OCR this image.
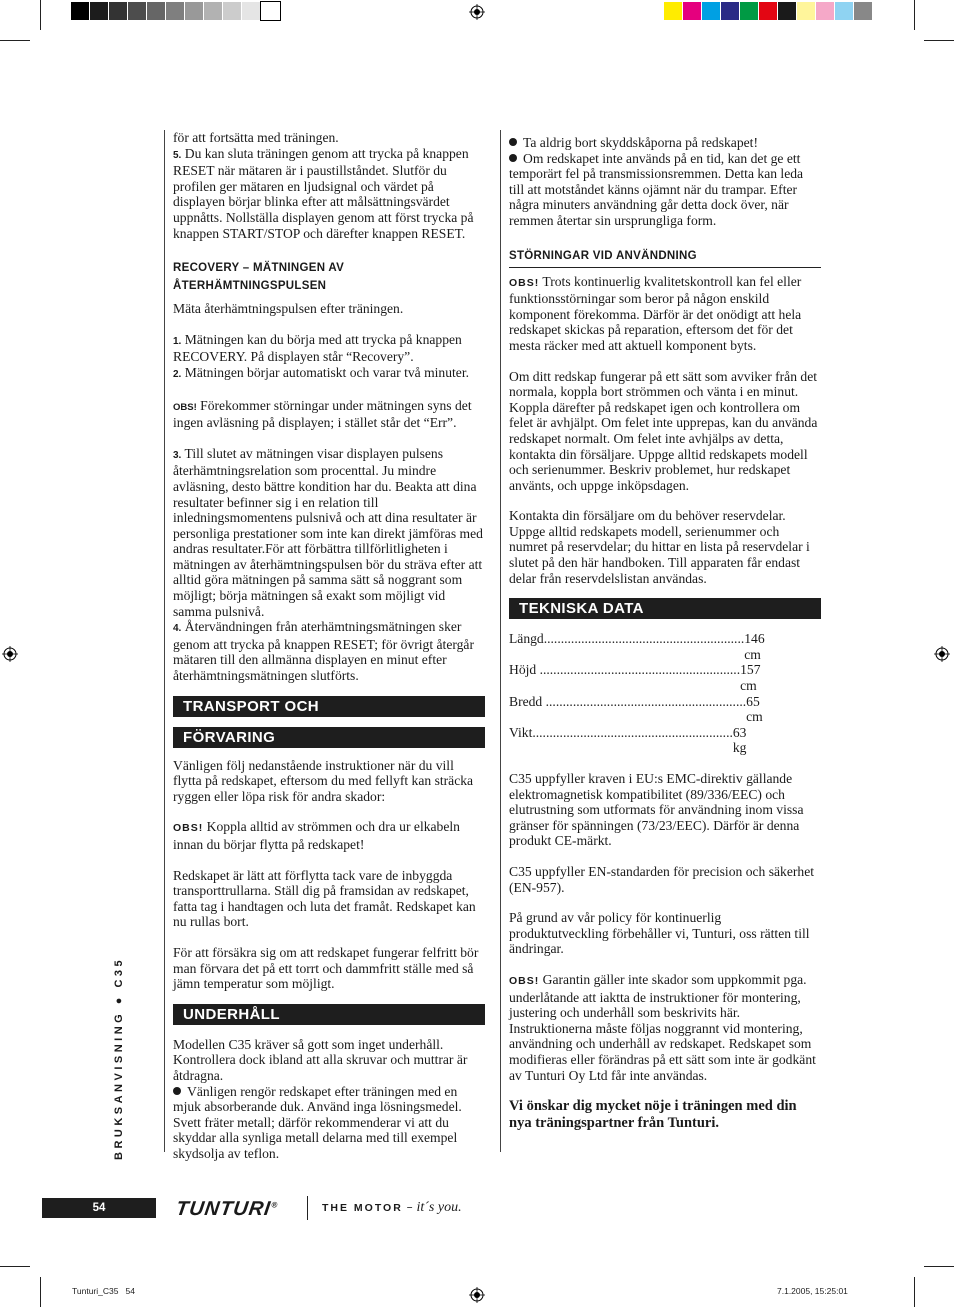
för att fortsätta med träningen.

5. Du kan sluta träningen genom att trycka på knappen RESET när mätaren är i paustillståndet. Slutför du profilen ger mätaren en ljudsignal och värdet på displayen börjar blinka efter att målsättningsvärdet uppnåtts. Nollställa displayen genom att först trycka på knappen START/STOP och därefter knappen RESET.

RECOVERY – MÄTNINGEN AV ÅTERHÄMTNINGSPULSEN

Mäta återhämtningspulsen efter träningen.

1. Mätningen kan du börja med att trycka på knappen RECOVERY. På displayen står “Recovery”.

2. Mätningen börjar automatiskt och varar två minuter.

OBS! Förekommer störningar under mätningen syns det ingen avläsning på displayen; i stället står det “Err”.

3. Till slutet av mätningen visar displayen pulsens återhämtningsrelation som procenttal. Ju mindre avläsning, desto bättre kondition har du. Beakta att dina resultater befinner sig i en relation till inledningsmomentens pulsnivå och att dina resultater är personliga prestationer som inte kan direkt jämföras med andras resultater.För att förbättra tillförlitligheten i mätningen av återhämtningspulsen bör du sträva efter att alltid göra mätningen på samma sätt så noggrant som möjligt; börja mätningen så exakt som möjligt vid samma pulsnivå.

4. Återvändningen från aterhämtningsmätningen sker genom att trycka på knappen RESET; för övrigt återgår mätaren till den allmänna displayen en minut efter återhämtningsmätningen slutförts.

TRANSPORT OCH
FÖRVARING

Vänligen följ nedanstående instruktioner när du vill flytta på redskapet, eftersom du med fellyft kan sträcka ryggen eller löpa risk för andra skador:

OBS! Koppla alltid av strömmen och dra ur elkabeln innan du börjar flytta på redskapet!

Redskapet är lätt att förflytta tack vare de inbyggda transporttrullarna. Ställ dig på framsidan av redskapet, fatta tag i handtagen och luta det framåt. Redskapet kan nu rullas bort.

För att försäkra sig om att redskapet fungerar felfritt bör man förvara det på ett torrt och dammfritt ställe med så jämn temperatur som möjligt.

UNDERHÅLL

Modellen C35 kräver så gott som inget underhåll. Kontrollera dock ibland att alla skruvar och muttrar är åtdragna.

Vänligen rengör redskapet efter träningen med en mjuk absorberande duk. Använd inga lösningsmedel. Svett fräter metall; därför rekommenderar vi att du skyddar alla synliga metall delarna med till exempel skydsolja av teflon.

Ta aldrig bort skyddskåporna på redskapet!

Om redskapet inte används på en tid, kan det ge ett temporärt fel på transmissionsremmen. Detta kan leda till att motståndet känns ojämnt när du trampar. Efter några minuters användning går detta dock över, när remmen återtar sin ursprungliga form.

STÖRNINGAR VID ANVÄNDNING

OBS! Trots kontinuerlig kvalitetskontroll kan fel eller funktionsstörningar som beror på någon enskild komponent förekomma. Därför är det onödigt att hela redskapet skickas på reparation, eftersom det för det mesta räcker med att aktuell komponent byts.

Om ditt redskap fungerar på ett sätt som avviker från det normala, koppla bort strömmen och vänta i en minut. Koppla därefter på redskapet igen och kontrollera om felet är avhjälpt. Om felet inte upprepas, kan du använda redskapet normalt. Om felet inte avhjälps av detta, kontakta din försäljare. Uppge alltid redskapets modell och serienummer. Beskriv problemet, hur redskapet använts, och uppge inköpsdagen.

Kontakta din försäljare om du behöver reservdelar. Uppge alltid redskapets modell, serienummer och numret på reservdelar; du hittar en lista på reservdelar i slutet på den här handboken. Till apparaten får endast delar från reservdelslistan användas.

TEKNISKA DATA
Längd........................................................... 146 cm
Höjd ........................................................... 157 cm
Bredd ........................................................... 65 cm
Vikt........................................................... 63 kg

C35 uppfyller kraven i EU:s EMC-direktiv gällande elektromagnetisk kompatibilitet (89/336/EEC) och elutrustning som utformats för användning inom vissa gränser för spänningen (73/23/EEC). Därför är denna produkt CE-märkt.

C35 uppfyller EN-standarden för precision och säkerhet (EN-957).

På grund av vår policy för kontinuerlig produktutveckling förbehåller vi, Tunturi, oss rätten till ändringar.

OBS! Garantin gäller inte skador som uppkommit pga. underlåtande att iaktta de instruktioner för montering, justering och underhåll som beskrivits här. Instruktionerna måste följas noggrannt vid montering, användning och underhåll av redskapet. Redskapet som modifieras eller förändras på ett sätt som inte är godkänt av Tunturi Oy Ltd får inte användas.

Vi önskar dig mycket nöje i träningen med din nya träningspartner från Tunturi.

BRUKSANVISNING ● C35
54	TUNTURI®	THE MOTOR – it´s you.
Tunturi_C35   54	7.1.2005, 15:25:01
